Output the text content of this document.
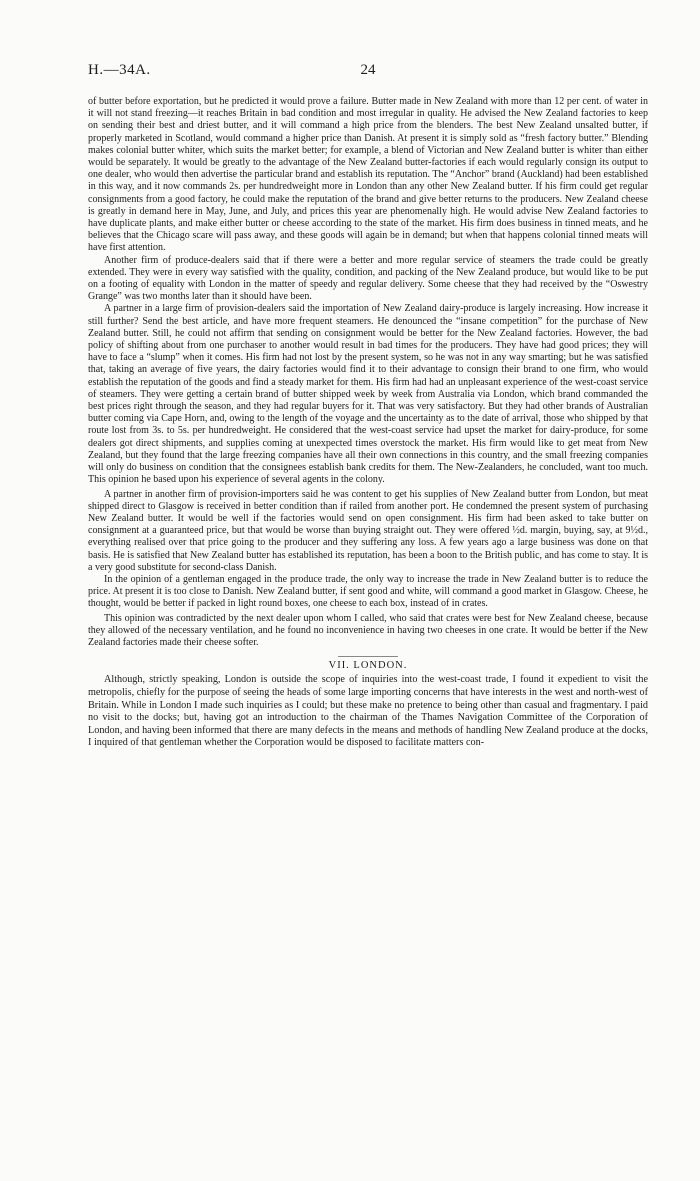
H.—34A.	24

of butter before exportation, but he predicted it would prove a failure. Butter made in New Zealand with more than 12 per cent. of water in it will not stand freezing—it reaches Britain in bad condition and most irregular in quality. He advised the New Zealand factories to keep on sending their best and driest butter, and it will command a high price from the blenders. The best New Zealand unsalted butter, if properly marketed in Scotland, would command a higher price than Danish. At present it is simply sold as “fresh factory butter.” Blending makes colonial butter whiter, which suits the market better; for example, a blend of Victorian and New Zealand butter is whiter than either would be separately. It would be greatly to the advantage of the New Zealand butter-factories if each would regularly consign its output to one dealer, who would then advertise the particular brand and establish its reputation. The “Anchor” brand (Auckland) had been established in this way, and it now commands 2s. per hundredweight more in London than any other New Zealand butter. If his firm could get regular consignments from a good factory, he could make the reputation of the brand and give better returns to the producers. New Zealand cheese is greatly in demand here in May, June, and July, and prices this year are phenomenally high. He would advise New Zealand factories to have duplicate plants, and make either butter or cheese according to the state of the market. His firm does business in tinned meats, and he believes that the Chicago scare will pass away, and these goods will again be in demand; but when that happens colonial tinned meats will have first attention.

Another firm of produce-dealers said that if there were a better and more regular service of steamers the trade could be greatly extended. They were in every way satisfied with the quality, condition, and packing of the New Zealand produce, but would like to be put on a footing of equality with London in the matter of speedy and regular delivery. Some cheese that they had received by the “Oswestry Grange” was two months later than it should have been.

A partner in a large firm of provision-dealers said the importation of New Zealand dairy-produce is largely increasing. How increase it still further? Send the best article, and have more frequent steamers. He denounced the “insane competition” for the purchase of New Zealand butter. Still, he could not affirm that sending on consignment would be better for the New Zealand factories. However, the bad policy of shifting about from one purchaser to another would result in bad times for the producers. They have had good prices; they will have to face a “slump” when it comes. His firm had not lost by the present system, so he was not in any way smarting; but he was satisfied that, taking an average of five years, the dairy factories would find it to their advantage to consign their brand to one firm, who would establish the reputation of the goods and find a steady market for them. His firm had had an unpleasant experience of the west-coast service of steamers. They were getting a certain brand of butter shipped week by week from Australia via London, which brand commanded the best prices right through the season, and they had regular buyers for it. That was very satisfactory. But they had other brands of Australian butter coming via Cape Horn, and, owing to the length of the voyage and the uncertainty as to the date of arrival, those who shipped by that route lost from 3s. to 5s. per hundredweight. He considered that the west-coast service had upset the market for dairy-produce, for some dealers got direct shipments, and supplies coming at unexpected times overstock the market. His firm would like to get meat from New Zealand, but they found that the large freezing companies have all their own connections in this country, and the small freezing companies will only do business on condition that the consignees establish bank credits for them. The New-Zealanders, he concluded, want too much. This opinion he based upon his experience of several agents in the colony.

A partner in another firm of provision-importers said he was content to get his supplies of New Zealand butter from London, but meat shipped direct to Glasgow is received in better condition than if railed from another port. He condemned the present system of purchasing New Zealand butter. It would be well if the factories would send on open consignment. His firm had been asked to take butter on consignment at a guaranteed price, but that would be worse than buying straight out. They were offered ½d. margin, buying, say, at 9½d., everything realised over that price going to the producer and they suffering any loss. A few years ago a large business was done on that basis. He is satisfied that New Zealand butter has established its reputation, has been a boon to the British public, and has come to stay. It is a very good substitute for second-class Danish.

In the opinion of a gentleman engaged in the produce trade, the only way to increase the trade in New Zealand butter is to reduce the price. At present it is too close to Danish. New Zealand butter, if sent good and white, will command a good market in Glasgow. Cheese, he thought, would be better if packed in light round boxes, one cheese to each box, instead of in crates.

This opinion was contradicted by the next dealer upon whom I called, who said that crates were best for New Zealand cheese, because they allowed of the necessary ventilation, and he found no inconvenience in having two cheeses in one crate. It would be better if the New Zealand factories made their cheese softer.

VII. LONDON.

Although, strictly speaking, London is outside the scope of inquiries into the west-coast trade, I found it expedient to visit the metropolis, chiefly for the purpose of seeing the heads of some large importing concerns that have interests in the west and north-west of Britain. While in London I made such inquiries as I could; but these make no pretence to being other than casual and fragmentary. I paid no visit to the docks; but, having got an introduction to the chairman of the Thames Navigation Committee of the Corporation of London, and having been informed that there are many defects in the means and methods of handling New Zealand produce at the docks, I inquired of that gentleman whether the Corporation would be disposed to facilitate matters con-
